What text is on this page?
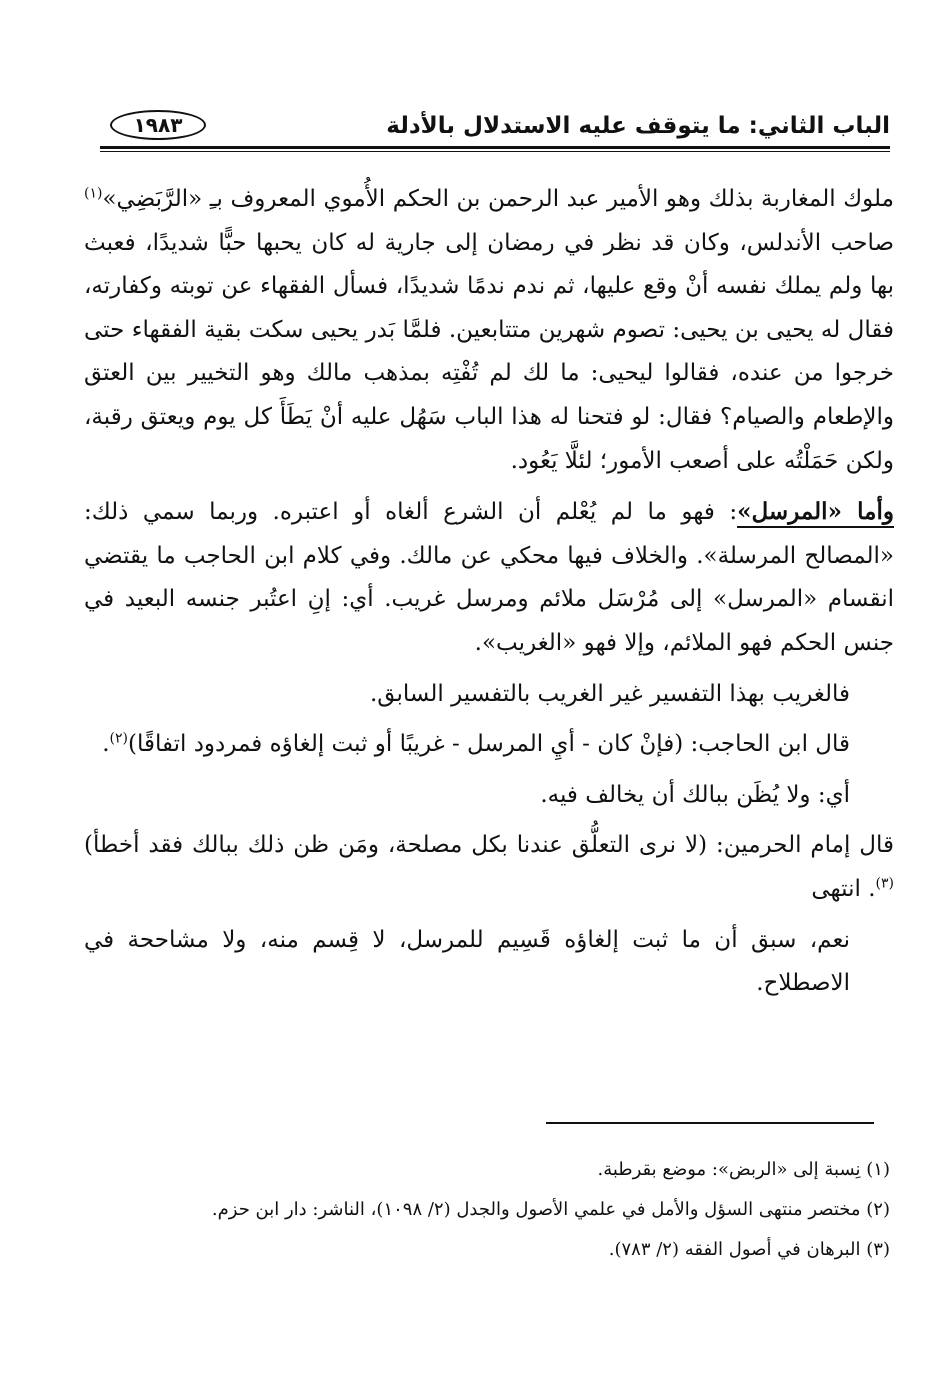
الباب الثاني: ما يتوقف عليه الاستدلال بالأدلة
١٩٨٣

ملوك المغاربة بذلك وهو الأمير عبد الرحمن بن الحكم الأُموي المعروف بـِ «الرَّبَضِي»$^{(١)}$ صاحب الأندلس، وكان قد نظر في رمضان إلى جارية له كان يحبها حبًّا شديدًا، فعبث بها ولم يملك نفسه أنْ وقع عليها، ثم ندم ندمًا شديدًا، فسأل الفقهاء عن توبته وكفارته، فقال له يحيى بن يحيى: تصوم شهرين متتابعين. فلمَّا بَدر يحيى سكت بقية الفقهاء حتى خرجوا من عنده، فقالوا ليحيى: ما لك لم تُفْتِه بمذهب مالك وهو التخيير بين العتق والإطعام والصيام؟ فقال: لو فتحنا له هذا الباب سَهُل عليه أنْ يَطَأَ كل يوم ويعتق رقبة، ولكن حَمَلْتُه على أصعب الأمور؛ لئلَّا يَعُود.

وأما «المرسل»: فهو ما لم يُعْلم أن الشرع ألغاه أو اعتبره. وربما سمي ذلك: «المصالح المرسلة». والخلاف فيها محكي عن مالك. وفي كلام ابن الحاجب ما يقتضي انقسام «المرسل» إلى مُرْسَل ملائم ومرسل غريب. أي: إنِ اعتُبر جنسه البعيد في جنس الحكم فهو الملائم، وإلا فهو «الغريب».

فالغريب بهذا التفسير غير الغريب بالتفسير السابق.

قال ابن الحاجب: (فإنْ كان - أيِ المرسل - غريبًا أو ثبت إلغاؤه فمردود اتفاقًا)$^{(٢)}$.

أي: ولا يُظَن ببالك أن يخالف فيه.

قال إمام الحرمين: (لا نرى التعلُّق عندنا بكل مصلحة، ومَن ظن ذلك ببالك فقد أخطأ)$^{(٣)}$. انتهى

نعم، سبق أن ما ثبت إلغاؤه قَسِيم للمرسل، لا قِسم منه، ولا مشاححة في الاصطلاح.

(١) نِسبة إلى «الربض»: موضع بقرطبة.

(٢) مختصر منتهى السؤل والأمل في علمي الأصول والجدل (٢/ ١٠٩٨)، الناشر: دار ابن حزم.

(٣) البرهان في أصول الفقه (٢/ ٧٨٣).
